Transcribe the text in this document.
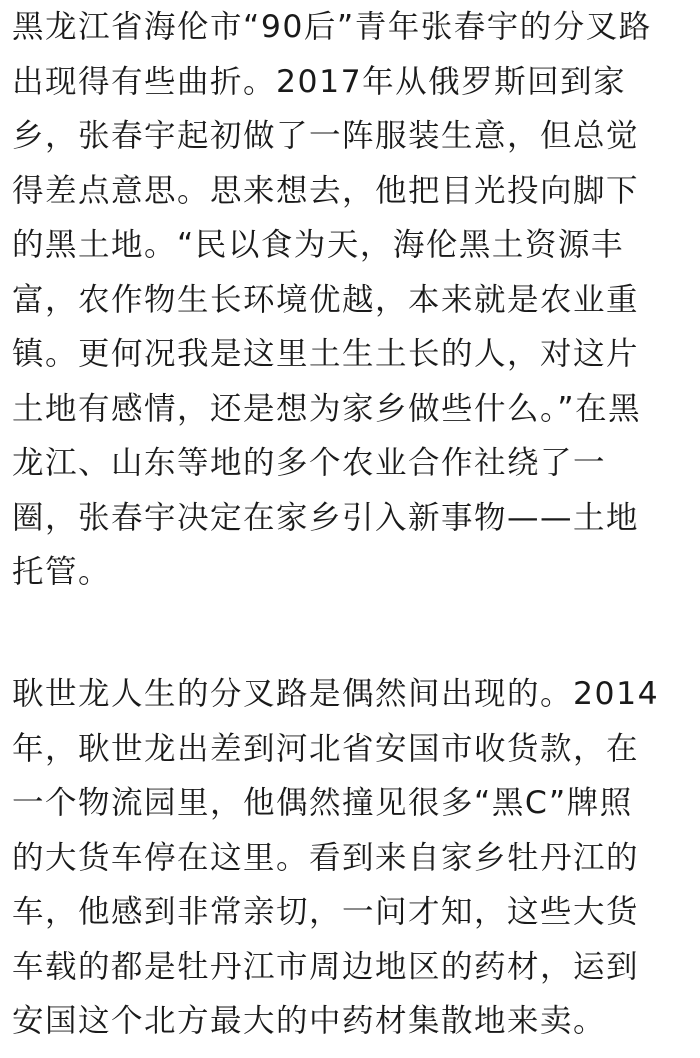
黑龙江省海伦市“90后”青年张春宇的分叉路
出现得有些曲折。2017年从俄罗斯回到家
乡，张春宇起初做了一阵服装生意，但总觉
得差点意思。思来想去，他把目光投向脚下
的黑土地。“民以食为天，海伦黑土资源丰
富，农作物生长环境优越，本来就是农业重
镇。更何况我是这里土生土长的人，对这片
土地有感情，还是想为家乡做些什么。”在黑
龙江、山东等地的多个农业合作社绕了一
圈，张春宇决定在家乡引入新事物——土地
托管。
耿世龙人生的分叉路是偶然间出现的。2014
年，耿世龙出差到河北省安国市收货款，在
一个物流园里，他偶然撞见很多“黑C”牌照
的大货车停在这里。看到来自家乡牡丹江的
车，他感到非常亲切，一问才知，这些大货
车载的都是牡丹江市周边地区的药材，运到
安国这个北方最大的中药材集散地来卖。
